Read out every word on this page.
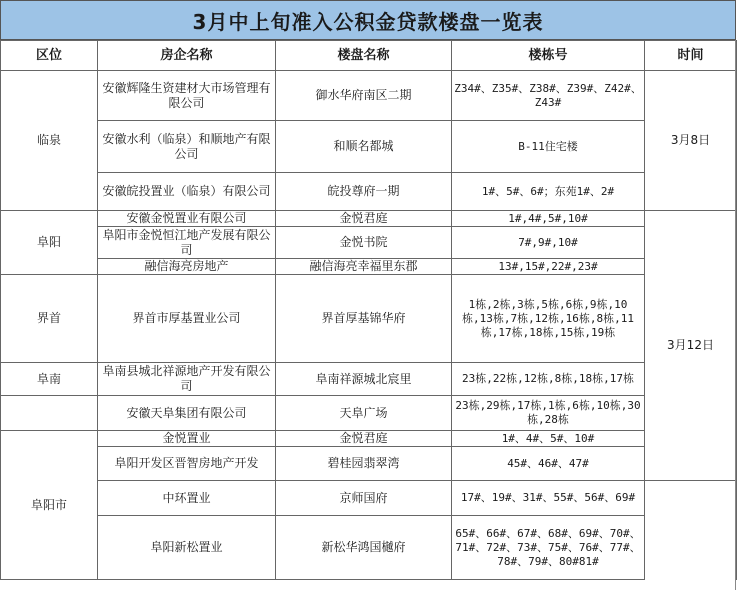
3月中上旬准入公积金贷款楼盘一览表
区位	房企名称	楼盘名称	楼栋号	时间	
临泉	安徽辉隆生资建材大市场管理有限公司	御水华府南区二期	Z34#、Z35#、Z38#、Z39#、Z42#、Z43#	3月8日	
	安徽水利（临泉）和顺地产有限公司	和顺名都城	B-11住宅楼		
	安徽皖投置业（临泉）有限公司	皖投尊府一期	1#、5#、6#；东苑1#、2#		
阜阳	安徽金悦置业有限公司	金悦君庭	1#,4#,5#,10#	3月12日	
	阜阳市金悦恒江地产发展有限公司	金悦书院	7#,9#,10#		
	融信海亮房地产	融信海亮幸福里东郡	13#,15#,22#,23#		
界首	界首市厚基置业公司	界首厚基锦华府	1栋,2栋,3栋,5栋,6栋,9栋,10栋,13栋,7栋,12栋,16栋,8栋,11栋,17栋,18栋,15栋,19栋		
阜南	阜南县城北祥源地产开发有限公司	阜南祥源城北宸里	23栋,22栋,12栋,8栋,18栋,17栋		
	安徽天阜集团有限公司	天阜广场	23栋,29栋,17栋,1栋,6栋,10栋,30栋,28栋		
阜阳市	金悦置业	金悦君庭	1#、4#、5#、10#	
	阜阳开发区晋智房地产开发	碧桂园翡翠湾	45#、46#、47#		
	中环置业	京师国府	17#、19#、31#、55#、56#、69#		
	阜阳新松置业	新松华鸿国樾府	65#、66#、67#、68#、69#、70#、71#、72#、73#、75#、76#、77#、78#、79#、80#81#		
